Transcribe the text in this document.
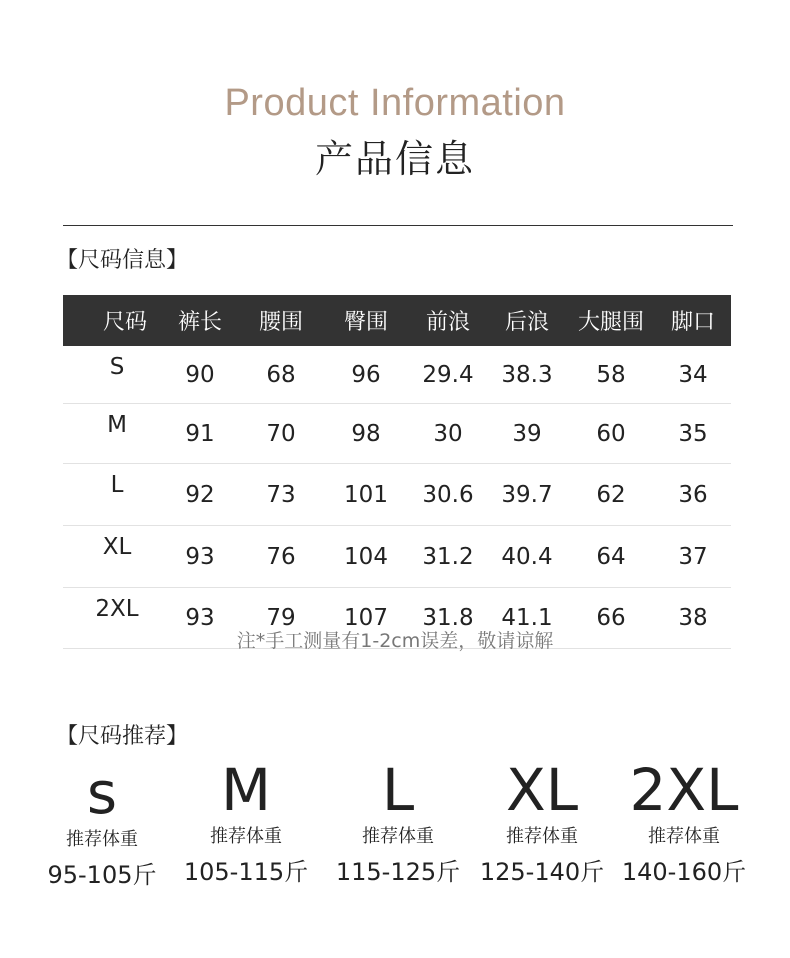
Product Information
产品信息
【尺码信息】
尺码	裤长	腰围	臀围	前浪	后浪	大腿围	脚口
S	90	68	96	29.4	38.3	58	34
M	91	70	98	30	39	60	35
L	92	73	101	30.6	39.7	62	36
XL	93	76	104	31.2	40.4	64	37
2XL	93	79	107	31.8	41.1	66	38
注*手工测量有1-2cm误差，敬请谅解
【尺码推荐】
s
推荐体重
95-105斤
M
推荐体重
105-115斤
L
推荐体重
115-125斤
XL
推荐体重
125-140斤
2XL
推荐体重
140-160斤
